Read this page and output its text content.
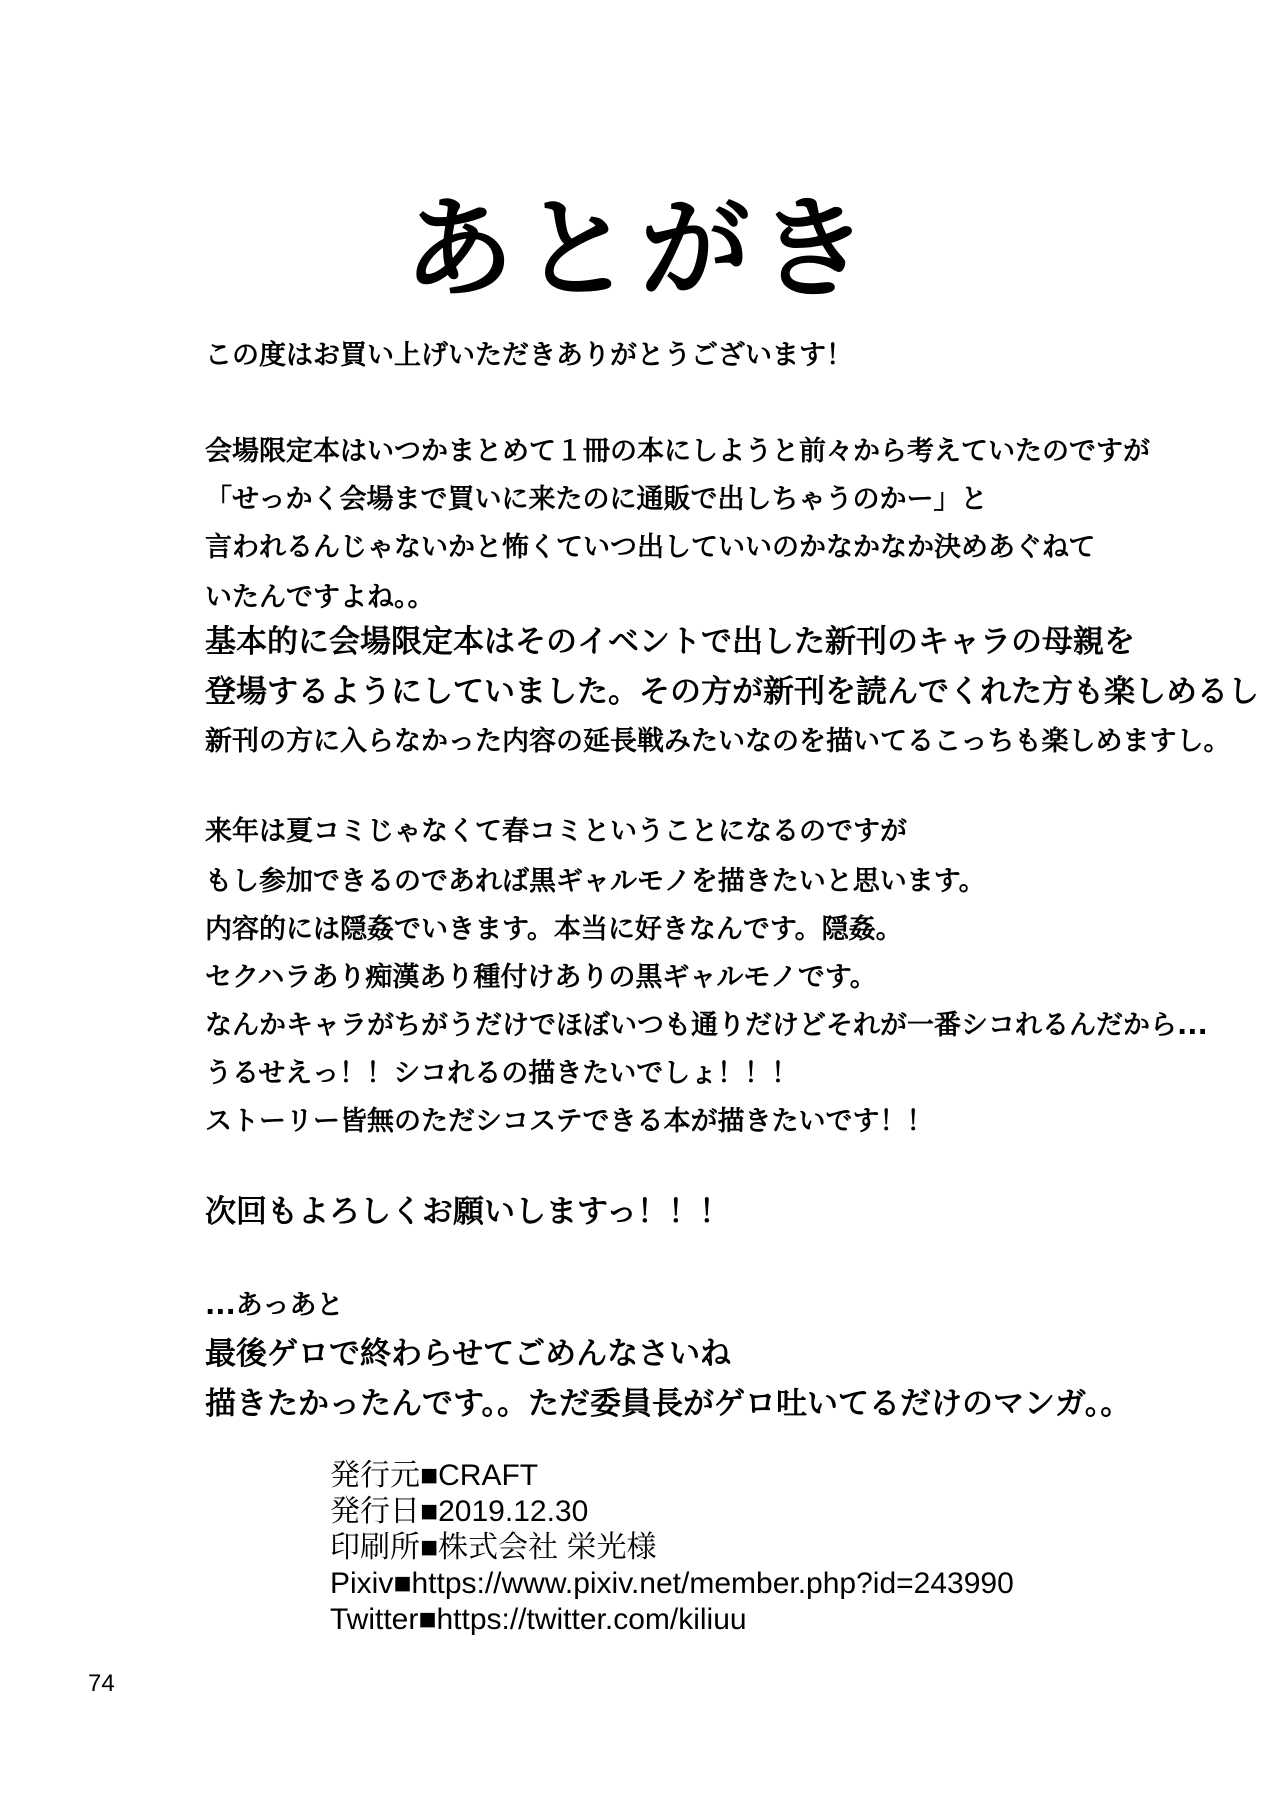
あとがき
この度はお買い上げいただきありがとうございます！
会場限定本はいつかまとめて１冊の本にしようと前々から考えていたのですが
「せっかく会場まで買いに来たのに通販で出しちゃうのかー」と
言われるんじゃないかと怖くていつ出していいのかなかなか決めあぐねて
いたんですよね。。
基本的に会場限定本はそのイベントで出した新刊のキャラの母親を
登場するようにしていました。その方が新刊を読んでくれた方も楽しめるし
新刊の方に入らなかった内容の延長戦みたいなのを描いてるこっちも楽しめますし。
来年は夏コミじゃなくて春コミということになるのですが
もし参加できるのであれば黒ギャルモノを描きたいと思います。
内容的には隠姦でいきます。本当に好きなんです。隠姦。
セクハラあり痴漢あり種付けありの黒ギャルモノです。
なんかキャラがちがうだけでほぼいつも通りだけどそれが一番シコれるんだから...
うるせえっ！！シコれるの描きたいでしょ！！！
ストーリー皆無のただシコステできる本が描きたいです！！
次回もよろしくお願いしますっ！！！
...あっあと
最後ゲロで終わらせてごめんなさいね
描きたかったんです。。ただ委員長がゲロ吐いてるだけのマンガ。。
発行元■CRAFT
発行日■2019.12.30
印刷所■株式会社 栄光様
Pixiv■https://www.pixiv.net/member.php?id=243990
Twitter■https://twitter.com/kiliuu
74
